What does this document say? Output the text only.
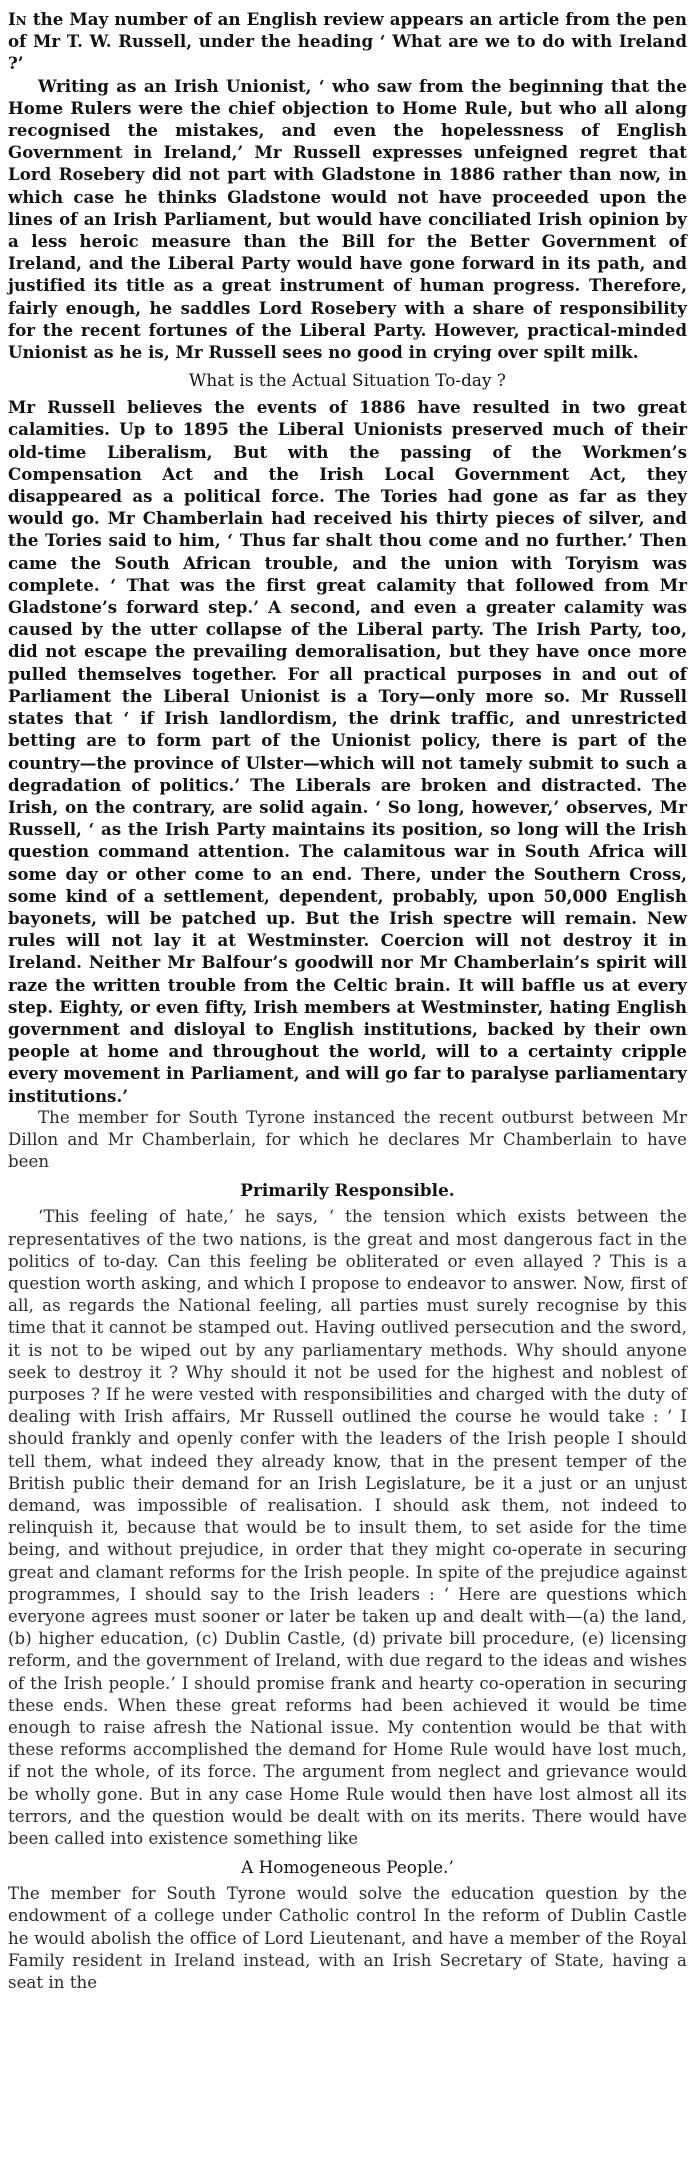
In the May number of an English review appears an article from the pen of Mr T. W. Russell, under the heading ‘ What are we to do with Ireland ?’

Writing as an Irish Unionist, ‘ who saw from the beginning that the Home Rulers were the chief objection to Home Rule, but who all along recognised the mistakes, and even the hopelessness of English Government in Ireland,’ Mr Russell expresses unfeigned regret that Lord Rosebery did not part with Gladstone in 1886 rather than now, in which case he thinks Gladstone would not have proceeded upon the lines of an Irish Parliament, but would have conciliated Irish opinion by a less heroic measure than the Bill for the Better Government of Ireland, and the Liberal Party would have gone forward in its path, and justified its title as a great instrument of human progress. Therefore, fairly enough, he saddles Lord Rosebery with a share of responsibility for the recent fortunes of the Liberal Party. However, practical-minded Unionist as he is, Mr Russell sees no good in crying over spilt milk.

What is the Actual Situation To-day ?

Mr Russell believes the events of 1886 have resulted in two great calamities. Up to 1895 the Liberal Unionists preserved much of their old-time Liberalism, But with the passing of the Workmen’s Compensation Act and the Irish Local Government Act, they disappeared as a political force. The Tories had gone as far as they would go. Mr Chamberlain had received his thirty pieces of silver, and the Tories said to him, ‘ Thus far shalt thou come and no further.’ Then came the South African trouble, and the union with Toryism was complete. ‘ That was the first great calamity that followed from Mr Gladstone’s forward step.’ A second, and even a greater calamity was caused by the utter collapse of the Liberal party. The Irish Party, too, did not escape the prevailing demoralisation, but they have once more pulled themselves together. For all practical purposes in and out of Parliament the Liberal Unionist is a Tory—only more so. Mr Russell states that ‘ if Irish landlordism, the drink traffic, and unrestricted betting are to form part of the Unionist policy, there is part of the country—the province of Ulster—which will not tamely submit to such a degradation of politics.’ The Liberals are broken and distracted. The Irish, on the contrary, are solid again. ‘ So long, however,’ observes, Mr Russell, ‘ as the Irish Party maintains its position, so long will the Irish question command attention. The calamitous war in South Africa will some day or other come to an end. There, under the Southern Cross, some kind of a settlement, dependent, probably, upon 50,000 English bayonets, will be patched up. But the Irish spectre will remain. New rules will not lay it at Westminster. Coercion will not destroy it in Ireland. Neither Mr Balfour’s goodwill nor Mr Chamberlain’s spirit will raze the written trouble from the Celtic brain. It will baffle us at every step. Eighty, or even fifty, Irish members at Westminster, hating English government and disloyal to English institutions, backed by their own people at home and throughout the world, will to a certainty cripple every movement in Parliament, and will go far to paralyse parliamentary institutions.’

The member for South Tyrone instanced the recent outburst between Mr Dillon and Mr Chamberlain, for which he declares Mr Chamberlain to have been

Primarily Responsible.

‘This feeling of hate,’ he says, ‘ the tension which exists between the representatives of the two nations, is the great and most dangerous fact in the politics of to-day. Can this feeling be obliterated or even allayed ? This is a question worth asking, and which I propose to endeavor to answer. Now, first of all, as regards the National feeling, all parties must surely recognise by this time that it cannot be stamped out. Having outlived persecution and the sword, it is not to be wiped out by any parliamentary methods. Why should anyone seek to destroy it ? Why should it not be used for the highest and noblest of purposes ? If he were vested with responsibilities and charged with the duty of dealing with Irish affairs, Mr Russell outlined the course he would take : ‘ I should frankly and openly confer with the leaders of the Irish people I should tell them, what indeed they already know, that in the present temper of the British public their demand for an Irish Legislature, be it a just or an unjust demand, was impossible of realisation. I should ask them, not indeed to relinquish it, because that would be to insult them, to set aside for the time being, and without prejudice, in order that they might co-operate in securing great and clamant reforms for the Irish people. In spite of the prejudice against programmes, I should say to the Irish leaders : ‘ Here are questions which everyone agrees must sooner or later be taken up and dealt with—(a) the land, (b) higher education, (c) Dublin Castle, (d) private bill procedure, (e) licensing reform, and the government of Ireland, with due regard to the ideas and wishes of the Irish people.’ I should promise frank and hearty co-operation in securing these ends. When these great reforms had been achieved it would be time enough to raise afresh the National issue. My contention would be that with these reforms accomplished the demand for Home Rule would have lost much, if not the whole, of its force. The argument from neglect and grievance would be wholly gone. But in any case Home Rule would then have lost almost all its terrors, and the question would be dealt with on its merits. There would have been called into existence something like

A Homogeneous People.’

The member for South Tyrone would solve the education question by the endowment of a college under Catholic control In the reform of Dublin Castle he would abolish the office of Lord Lieutenant, and have a member of the Royal Family resident in Ireland instead, with an Irish Secretary of State, having a seat in the
